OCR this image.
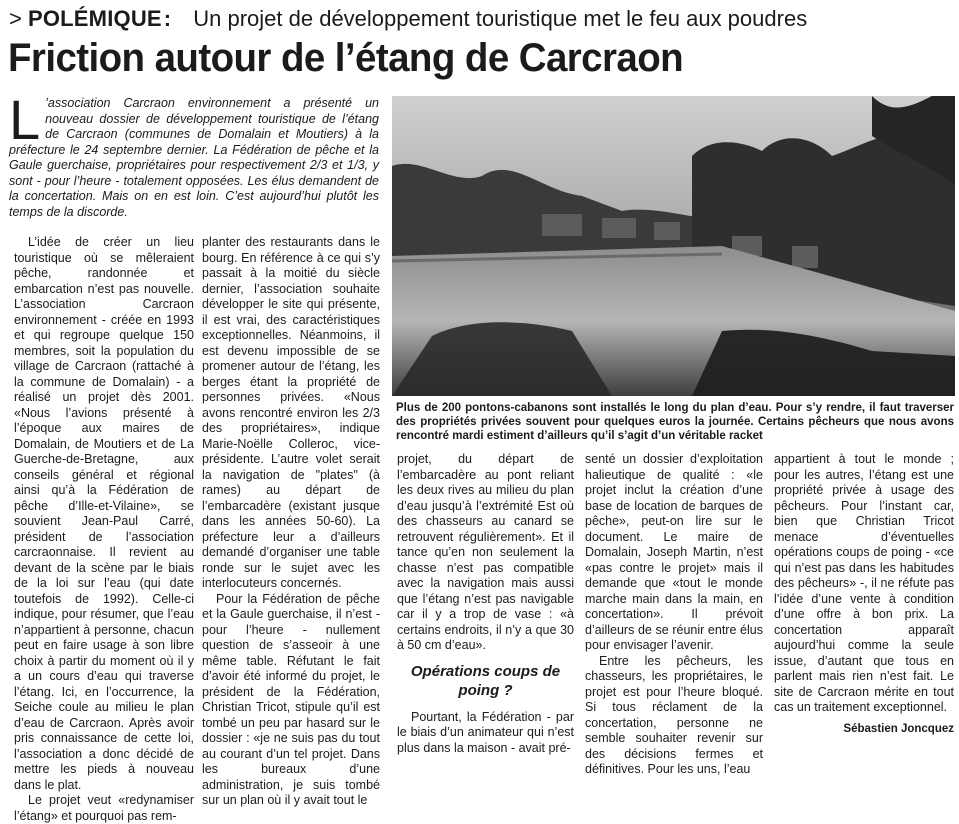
> POLÉMIQUE: Un projet de développement touristique met le feu aux poudres
Friction autour de l’étang de Carcraon
L ’association Carcraon environnement a présenté un nouveau dossier de développement touristique de l’étang de Carcraon (communes de Domalain et Moutiers) à la préfecture le 24 septembre dernier. La Fédération de pêche et la Gaule guerchaise, propriétaires pour respectivement 2/3 et 1/3, y sont - pour l’heure - totalement opposées. Les élus demandent de la concertation. Mais on en est loin. C’est aujourd’hui plutôt les temps de la discorde.

Plus de 200 pontons-cabanons sont installés le long du plan d’eau. Pour s’y rendre, il faut traverser des propriétés privées souvent pour quelques euros la journée. Certains pêcheurs que nous avons rencontré mardi estiment d’ailleurs qu’il s’agit d’un véritable racket

L’idée de créer un lieu touristique où se mêleraient pêche, randonnée et embarcation n’est pas nouvelle. L’association Carcraon environnement - créée en 1993 et qui regroupe quelque 150 membres, soit la population du village de Carcraon (rattaché à la commune de Domalain) - a réalisé un projet dès 2001. «Nous l’avions présenté à l’époque aux maires de Domalain, de Moutiers et de La Guerche-de-Bretagne, aux conseils général et régional ainsi qu’à la Fédération de pêche d’Ille-et-Vilaine», se souvient Jean-Paul Carré, président de l’association carcraonnaise. Il revient au devant de la scène par le biais de la loi sur l’eau (qui date toutefois de 1992). Celle-ci indique, pour résumer, que l’eau n’appartient à personne, chacun peut en faire usage à son libre choix à partir du moment où il y a un cours d’eau qui traverse l’étang. Ici, en l’occurrence, la Seiche coule au milieu le plan d’eau de Carcraon. Après avoir pris connaissance de cette loi, l’association a donc décidé de mettre les pieds à nouveau dans le plat.

Le projet veut «redynamiser l’étang» et pourquoi pas rem-

planter des restaurants dans le bourg. En référence à ce qui s’y passait à la moitié du siècle dernier, l’association souhaite développer le site qui présente, il est vrai, des caractéristiques exceptionnelles. Néanmoins, il est devenu impossible de se promener autour de l’étang, les berges étant la propriété de personnes privées. «Nous avons rencontré environ les 2/3 des propriétaires», indique Marie-Noëlle Colleroc, vice-présidente. L’autre volet serait la navigation de "plates" (à rames) au départ de l’embarcadère (existant jusque dans les années 50-60). La préfecture leur a d’ailleurs demandé d’organiser une table ronde sur le sujet avec les interlocuteurs concernés.

Pour la Fédération de pêche et la Gaule guerchaise, il n’est - pour l’heure - nullement question de s’asseoir à une même table. Réfutant le fait d’avoir été informé du projet, le président de la Fédération, Christian Tricot, stipule qu’il est tombé un peu par hasard sur le dossier : «je ne suis pas du tout au courant d’un tel projet. Dans les bureaux d’une administration, je suis tombé sur un plan où il y avait tout le

projet, du départ de l’embarcadère au pont reliant les deux rives au milieu du plan d’eau jusqu’à l’extrémité Est où des chasseurs au canard se retrouvent régulièrement». Et il tance qu’en non seulement la chasse n’est pas compatible avec la navigation mais aussi que l’étang n’est pas navigable car il y a trop de vase : «à certains endroits, il n’y a que 30 à 50 cm d’eau».

Opérations coups de poing ?

Pourtant, la Fédération - par le biais d’un animateur qui n’est plus dans la maison - avait pré-

senté un dossier d’exploitation halieutique de qualité : «le projet inclut la création d’une base de location de barques de pêche», peut-on lire sur le document. Le maire de Domalain, Joseph Martin, n’est «pas contre le projet» mais il demande que «tout le monde marche main dans la main, en concertation». Il prévoit d’ailleurs de se réunir entre élus pour envisager l’avenir.

Entre les pêcheurs, les chasseurs, les propriétaires, le projet est pour l’heure bloqué. Si tous réclament de la concertation, personne ne semble souhaiter revenir sur des décisions fermes et définitives. Pour les uns, l’eau

appartient à tout le monde ; pour les autres, l’étang est une propriété privée à usage des pêcheurs. Pour l’instant car, bien que Christian Tricot menace d’éventuelles opérations coups de poing - «ce qui n’est pas dans les habitudes des pêcheurs» -, il ne réfute pas l’idée d’une vente à condition d’une offre à bon prix. La concertation apparaît aujourd’hui comme la seule issue, d’autant que tous en parlent mais rien n’est fait. Le site de Carcraon mérite en tout cas un traitement exceptionnel.

Sébastien Joncquez
